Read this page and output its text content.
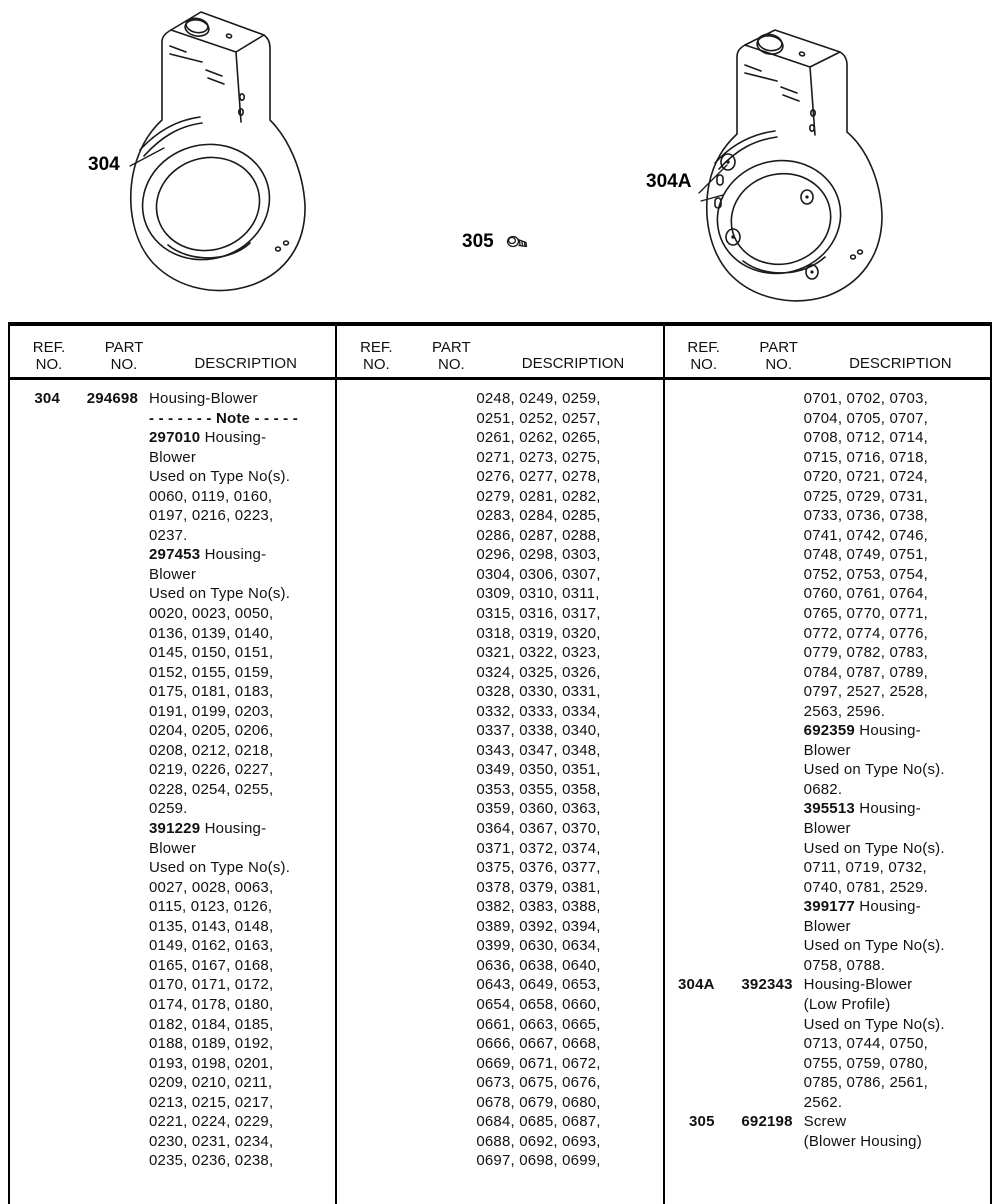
304
305
304A
REF.
NO.
PART
NO.	DESCRIPTION
304	294698 Housing-Blower
- - - - - - - Note - - - - -
297010 Housing-
Blower
Used on Type No(s).
0060, 0119, 0160,
0197, 0216, 0223,
0237.
297453 Housing-
Blower
Used on Type No(s).
0020, 0023, 0050,
0136, 0139, 0140,
0145, 0150, 0151,
0152, 0155, 0159,
0175, 0181, 0183,
0191, 0199, 0203,
0204, 0205, 0206,
0208, 0212, 0218,
0219, 0226, 0227,
0228, 0254, 0255,
0259.
391229 Housing-
Blower
Used on Type No(s).
0027, 0028, 0063,
0115, 0123, 0126,
0135, 0143, 0148,
0149, 0162, 0163,
0165, 0167, 0168,
0170, 0171, 0172,
0174, 0178, 0180,
0182, 0184, 0185,
0188, 0189, 0192,
0193, 0198, 0201,
0209, 0210, 0211,
0213, 0215, 0217,
0221, 0224, 0229,
0230, 0231, 0234,
0235, 0236, 0238,
REF.
NO.
PART
NO.	DESCRIPTION
0248, 0249, 0259,
0251, 0252, 0257,
0261, 0262, 0265,
0271, 0273, 0275,
0276, 0277, 0278,
0279, 0281, 0282,
0283, 0284, 0285,
0286, 0287, 0288,
0296, 0298, 0303,
0304, 0306, 0307,
0309, 0310, 0311,
0315, 0316, 0317,
0318, 0319, 0320,
0321, 0322, 0323,
0324, 0325, 0326,
0328, 0330, 0331,
0332, 0333, 0334,
0337, 0338, 0340,
0343, 0347, 0348,
0349, 0350, 0351,
0353, 0355, 0358,
0359, 0360, 0363,
0364, 0367, 0370,
0371, 0372, 0374,
0375, 0376, 0377,
0378, 0379, 0381,
0382, 0383, 0388,
0389, 0392, 0394,
0399, 0630, 0634,
0636, 0638, 0640,
0643, 0649, 0653,
0654, 0658, 0660,
0661, 0663, 0665,
0666, 0667, 0668,
0669, 0671, 0672,
0673, 0675, 0676,
0678, 0679, 0680,
0684, 0685, 0687,
0688, 0692, 0693,
0697, 0698, 0699,
REF.
NO.
PART
NO.	DESCRIPTION
0701, 0702, 0703,
0704, 0705, 0707,
0708, 0712, 0714,
0715, 0716, 0718,
0720, 0721, 0724,
0725, 0729, 0731,
0733, 0736, 0738,
0741, 0742, 0746,
0748, 0749, 0751,
0752, 0753, 0754,
0760, 0761, 0764,
0765, 0770, 0771,
0772, 0774, 0776,
0779, 0782, 0783,
0784, 0787, 0789,
0797, 2527, 2528,
2563, 2596.
692359 Housing-
Blower
Used on Type No(s).
0682.
395513 Housing-
Blower
Used on Type No(s).
0711, 0719, 0732,
0740, 0781, 2529.
399177 Housing-
Blower
Used on Type No(s).
0758, 0788.
304A	392343 Housing-Blower
(Low Profile)
Used on Type No(s).
0713, 0744, 0750,
0755, 0759, 0780,
0785, 0786, 2561,
2562.
305	692198 Screw
(Blower Housing)
